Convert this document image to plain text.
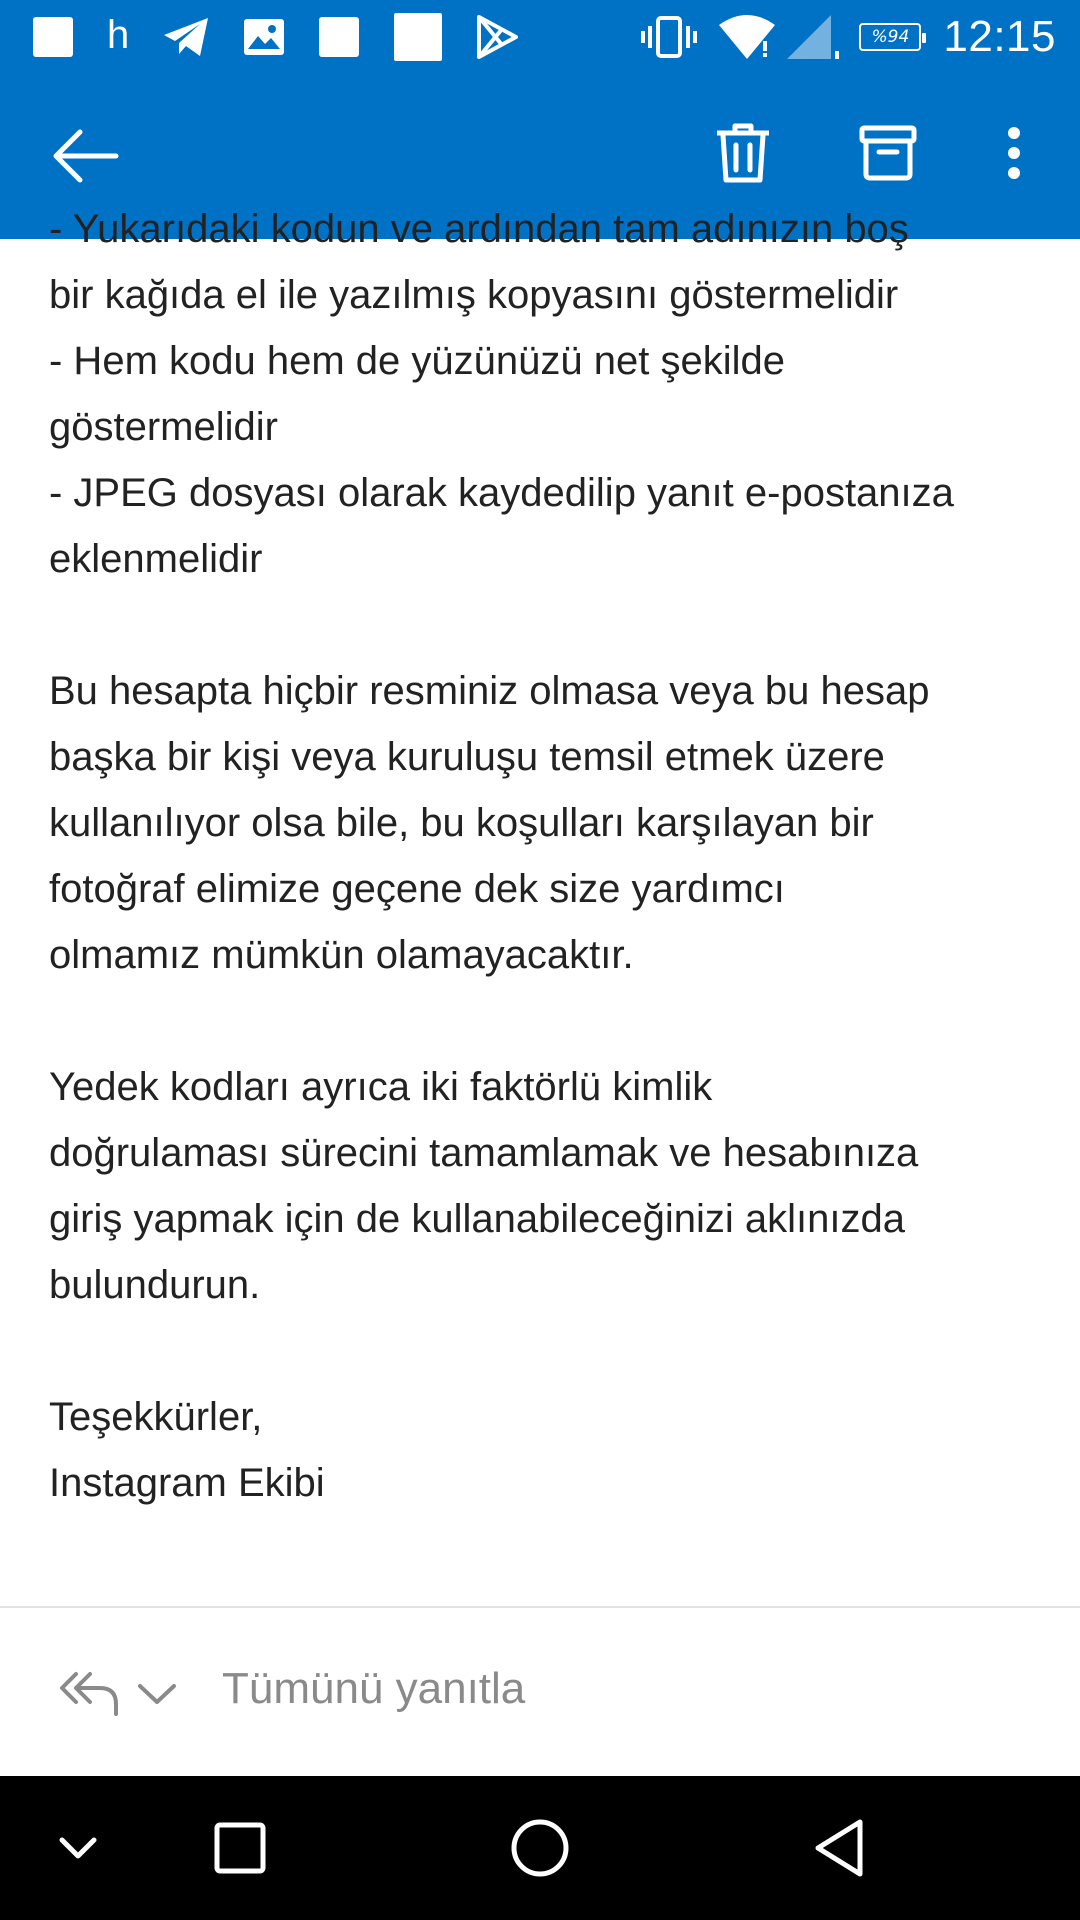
h	%94 12:15
- Yukarıdaki kodun ve ardından tam adınızın boş
bir kağıda el ile yazılmış kopyasını göstermelidir
- Hem kodu hem de yüzünüzü net şekilde
göstermelidir
- JPEG dosyası olarak kaydedilip yanıt e-postanıza
eklenmelidir
Bu hesapta hiçbir resminiz olmasa veya bu hesap
başka bir kişi veya kuruluşu temsil etmek üzere
kullanılıyor olsa bile, bu koşulları karşılayan bir
fotoğraf elimize geçene dek size yardımcı
olmamız mümkün olamayacaktır.
Yedek kodları ayrıca iki faktörlü kimlik
doğrulaması sürecini tamamlamak ve hesabınıza
giriş yapmak için de kullanabileceğinizi aklınızda
bulundurun.
Teşekkürler,
Instagram Ekibi
Tümünü yanıtla
